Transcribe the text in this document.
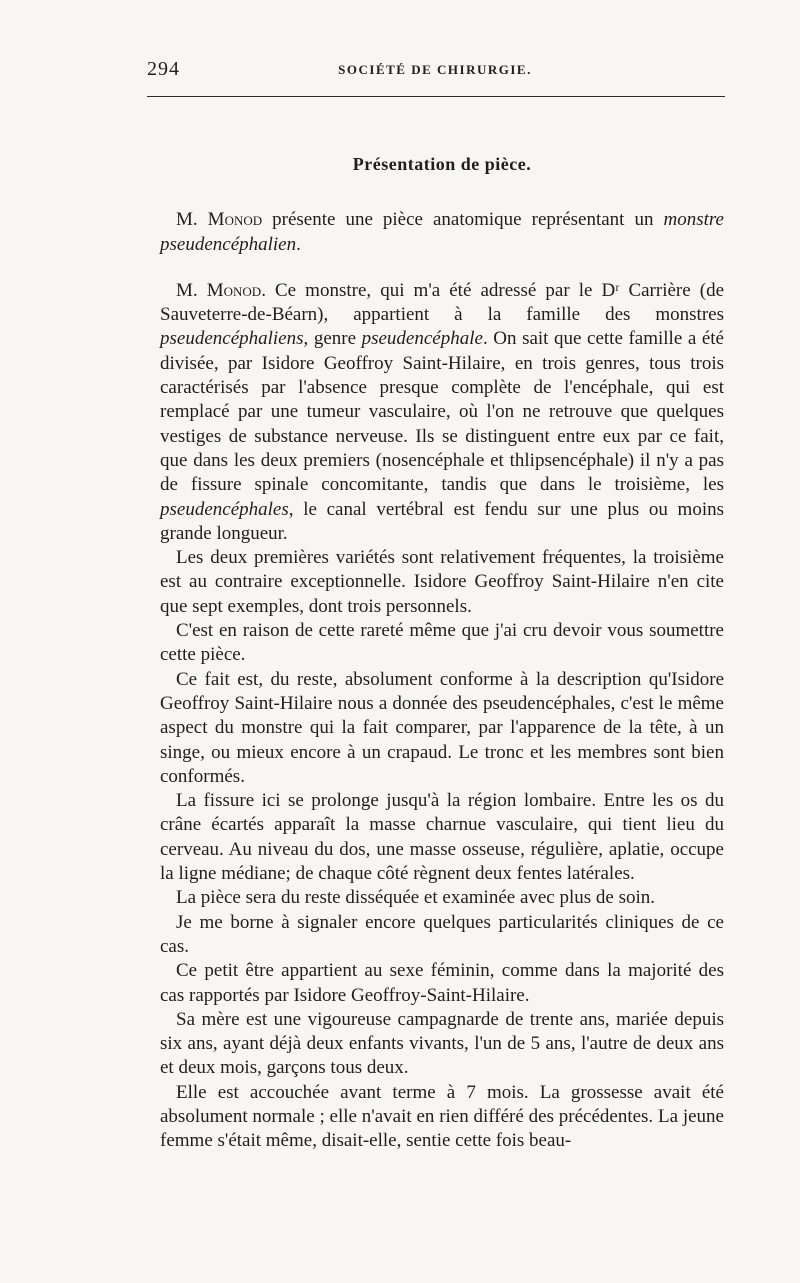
294	SOCIÉTÉ DE CHIRURGIE.
Présentation de pièce.

M. Monod présente une pièce anatomique représentant un monstre pseudencéphalien.

M. Monod. Ce monstre, qui m'a été adressé par le Dʳ Carrière (de Sauveterre-de-Béarn), appartient à la famille des monstres pseudencéphaliens, genre pseudencéphale. On sait que cette famille a été divisée, par Isidore Geoffroy Saint-Hilaire, en trois genres, tous trois caractérisés par l'absence presque complète de l'encéphale, qui est remplacé par une tumeur vasculaire, où l'on ne retrouve que quelques vestiges de substance nerveuse. Ils se distinguent entre eux par ce fait, que dans les deux premiers (nosencéphale et thlipsencéphale) il n'y a pas de fissure spinale concomitante, tandis que dans le troisième, les pseudencéphales, le canal vertébral est fendu sur une plus ou moins grande longueur.

Les deux premières variétés sont relativement fréquentes, la troisième est au contraire exceptionnelle. Isidore Geoffroy Saint-Hilaire n'en cite que sept exemples, dont trois personnels.

C'est en raison de cette rareté même que j'ai cru devoir vous soumettre cette pièce.

Ce fait est, du reste, absolument conforme à la description qu'Isidore Geoffroy Saint-Hilaire nous a donnée des pseudencéphales, c'est le même aspect du monstre qui la fait comparer, par l'apparence de la tête, à un singe, ou mieux encore à un crapaud. Le tronc et les membres sont bien conformés.

La fissure ici se prolonge jusqu'à la région lombaire. Entre les os du crâne écartés apparaît la masse charnue vasculaire, qui tient lieu du cerveau. Au niveau du dos, une masse osseuse, régulière, aplatie, occupe la ligne médiane; de chaque côté règnent deux fentes latérales.

La pièce sera du reste disséquée et examinée avec plus de soin.

Je me borne à signaler encore quelques particularités cliniques de ce cas.

Ce petit être appartient au sexe féminin, comme dans la majorité des cas rapportés par Isidore Geoffroy-Saint-Hilaire.

Sa mère est une vigoureuse campagnarde de trente ans, mariée depuis six ans, ayant déjà deux enfants vivants, l'un de 5 ans, l'autre de deux ans et deux mois, garçons tous deux.

Elle est accouchée avant terme à 7 mois. La grossesse avait été absolument normale ; elle n'avait en rien différé des précédentes. La jeune femme s'était même, disait-elle, sentie cette fois beau-
